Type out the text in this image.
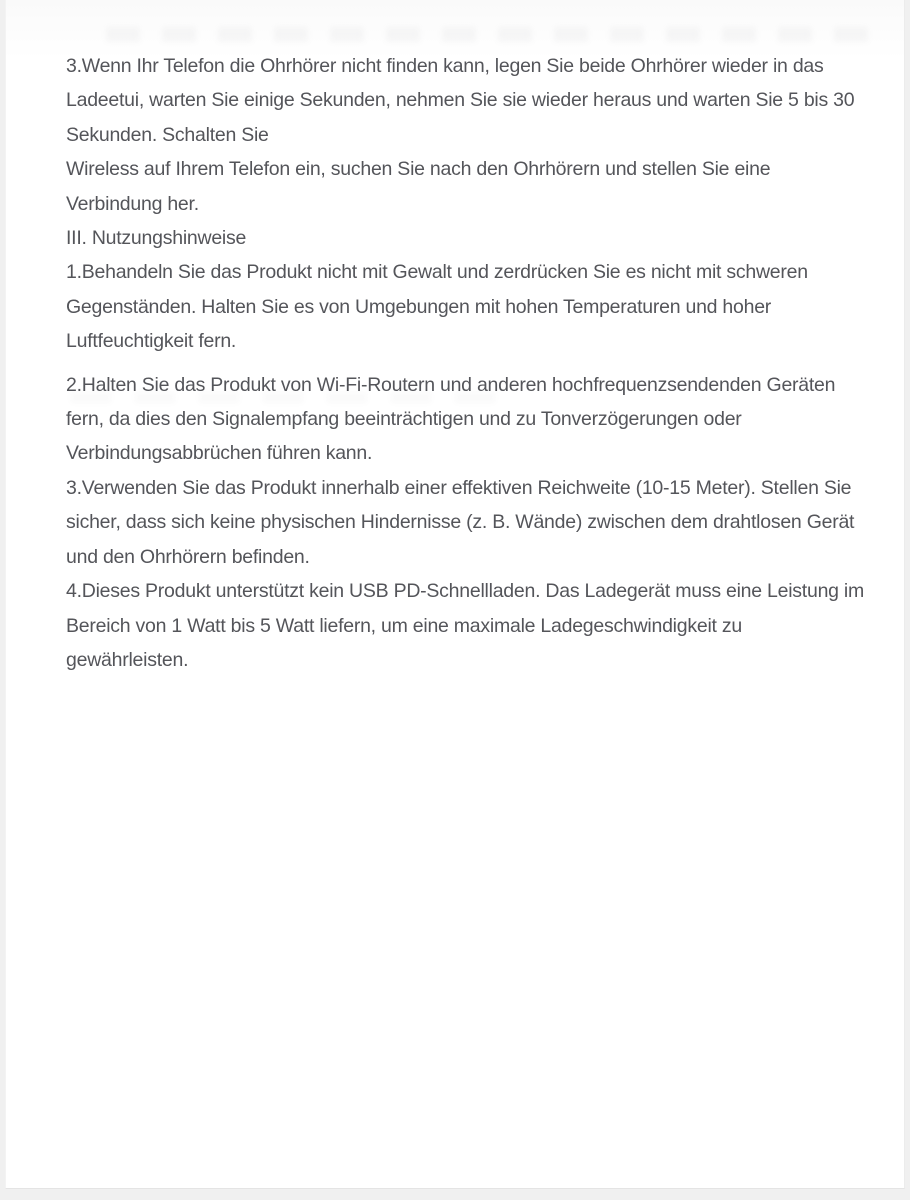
3.Wenn Ihr Telefon die Ohrhörer nicht finden kann, legen Sie beide Ohrhörer wieder in das
Ladeetui, warten Sie einige Sekunden, nehmen Sie sie wieder heraus und warten Sie 5 bis 30
Sekunden. Schalten Sie
Wireless auf Ihrem Telefon ein, suchen Sie nach den Ohrhörern und stellen Sie eine
Verbindung her.
III. Nutzungshinweise
1.Behandeln Sie das Produkt nicht mit Gewalt und zerdrücken Sie es nicht mit schweren
Gegenständen. Halten Sie es von Umgebungen mit hohen Temperaturen und hoher
Luftfeuchtigkeit fern.
2.Halten Sie das Produkt von Wi-Fi-Routern und anderen hochfrequenzsendenden Geräten
fern, da dies den Signalempfang beeinträchtigen und zu Tonverzögerungen oder
Verbindungsabbrüchen führen kann.
3.Verwenden Sie das Produkt innerhalb einer effektiven Reichweite (10-15 Meter). Stellen Sie
sicher, dass sich keine physischen Hindernisse (z. B. Wände) zwischen dem drahtlosen Gerät
und den Ohrhörern befinden.
4.Dieses Produkt unterstützt kein USB PD-Schnellladen. Das Ladegerät muss eine Leistung im
Bereich von 1 Watt bis 5 Watt liefern, um eine maximale Ladegeschwindigkeit zu
gewährleisten.
